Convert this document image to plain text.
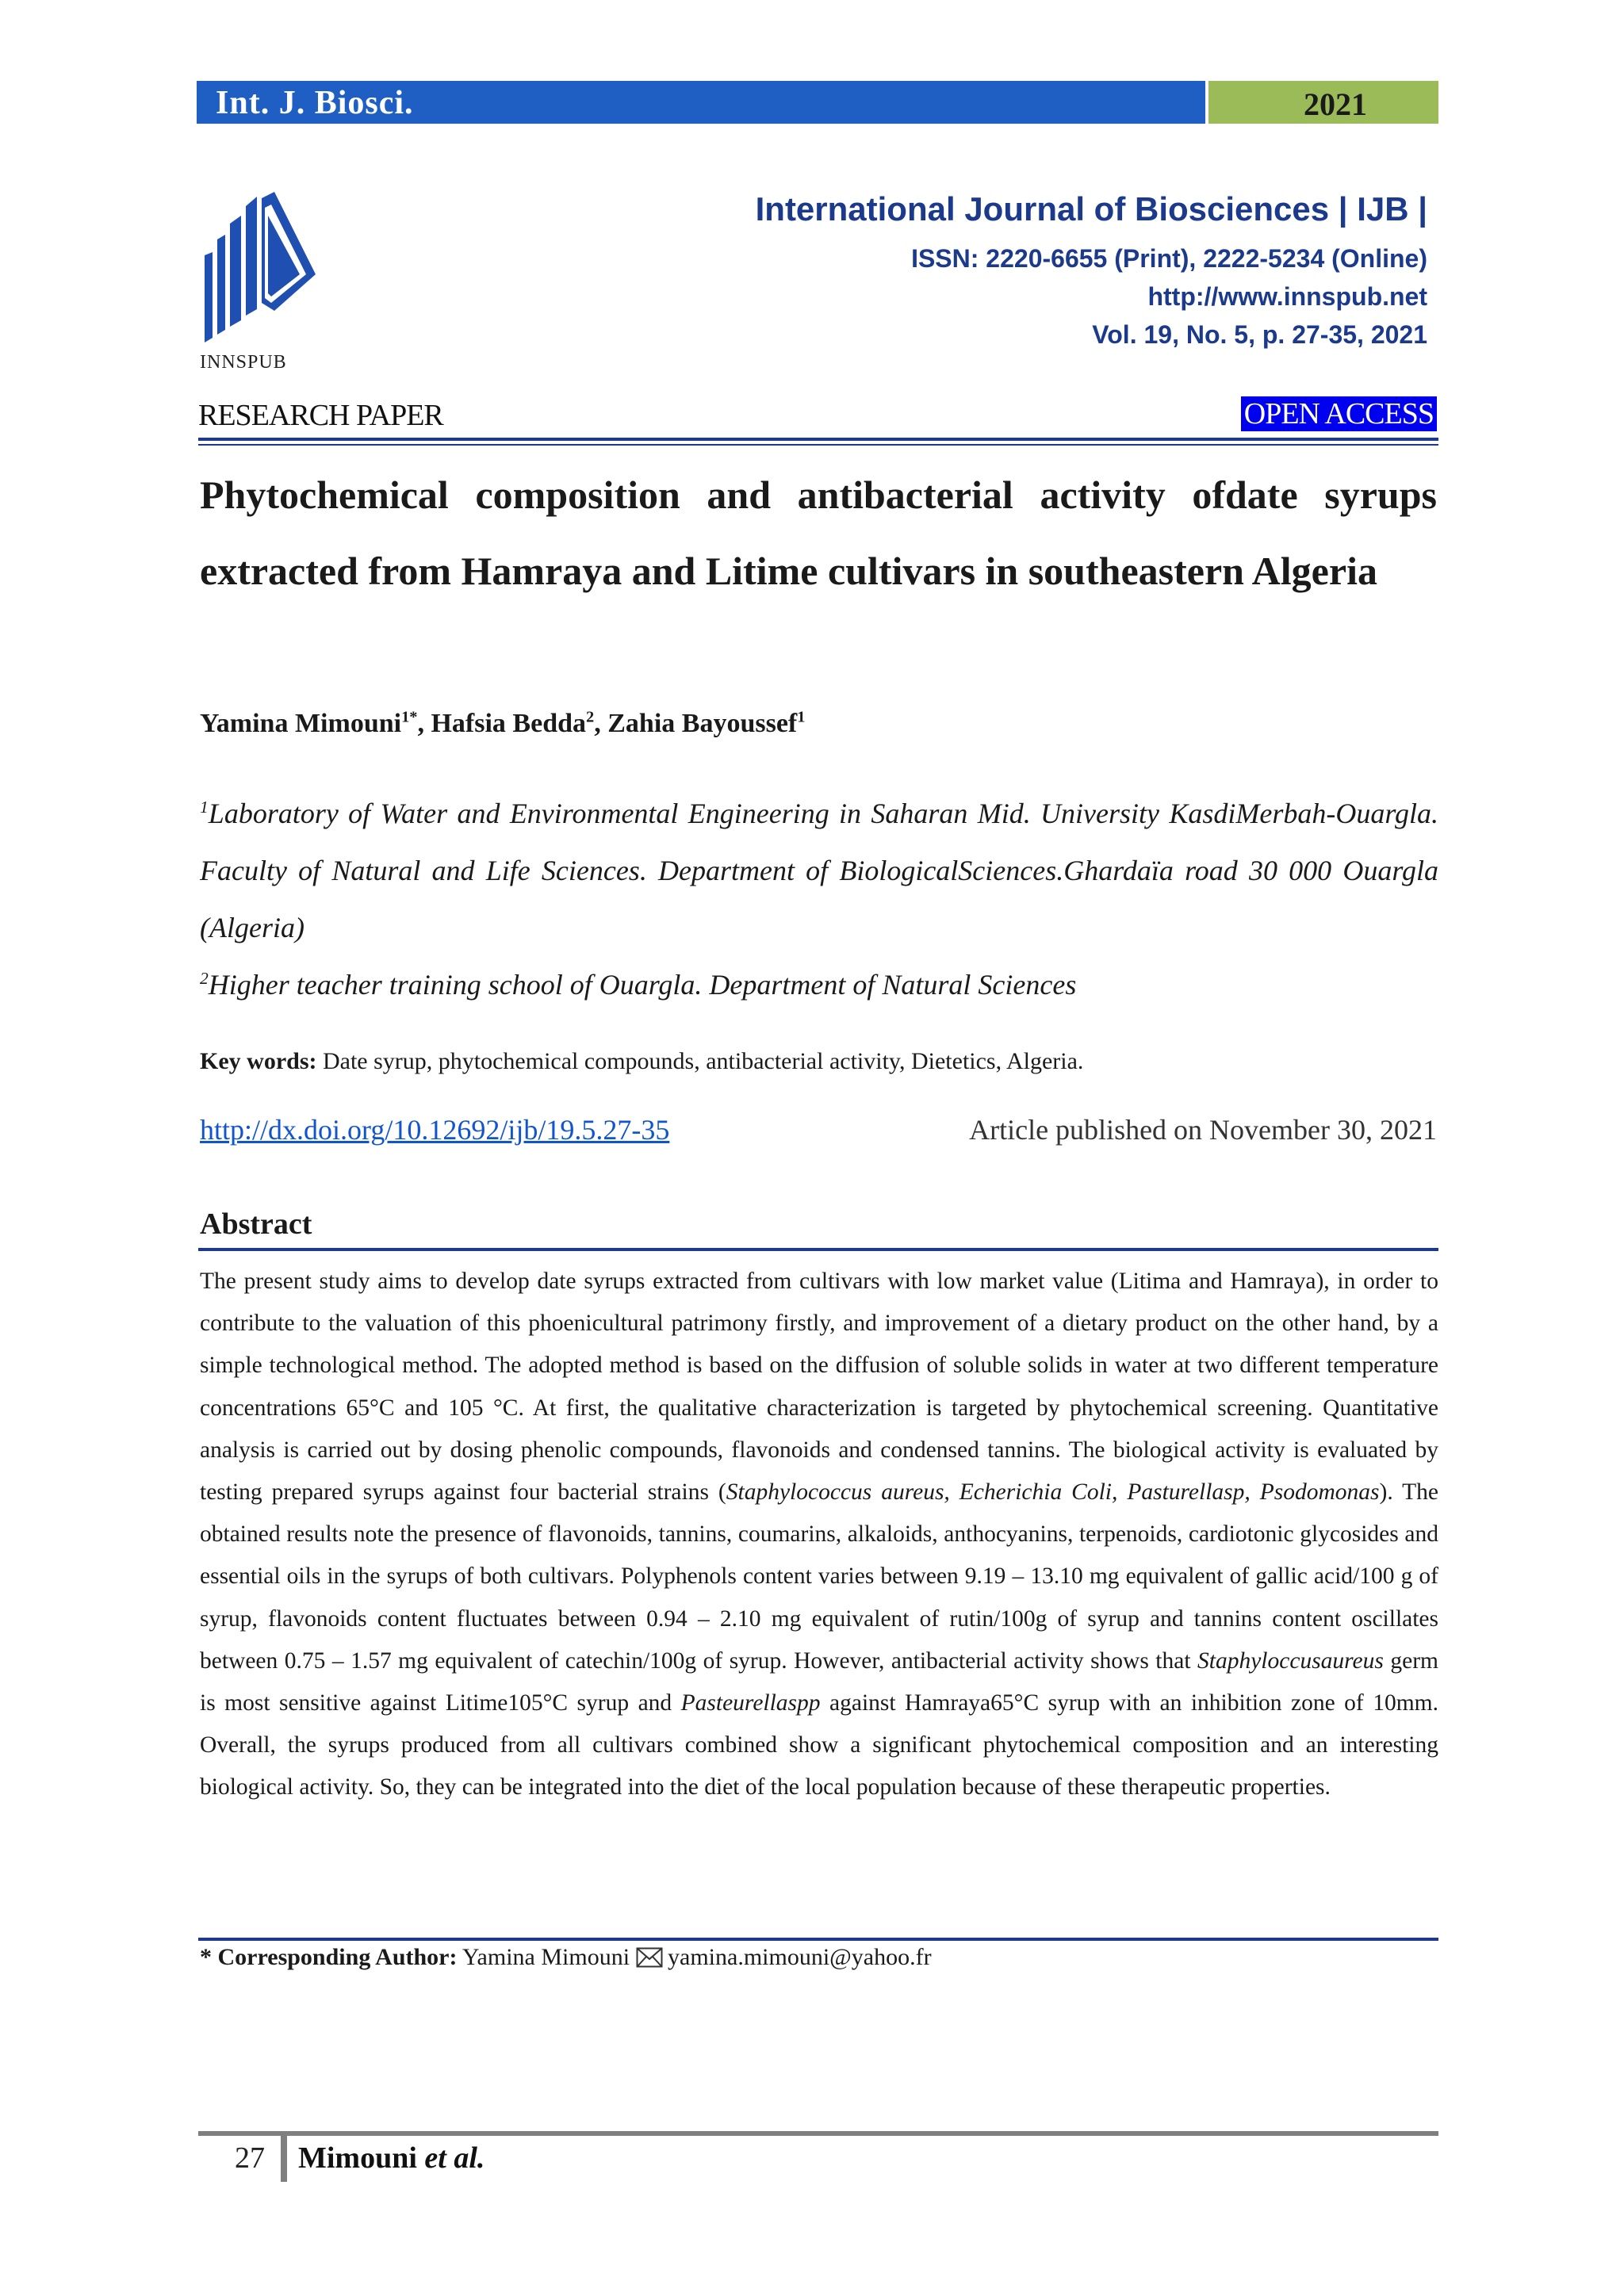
Int. J. Biosci.	2021
INNSPUB
International Journal of Biosciences | IJB |
ISSN: 2220-6655 (Print), 2222-5234 (Online)
http://www.innspub.net
Vol. 19, No. 5, p. 27-35, 2021
RESEARCH PAPER	OPEN ACCESS
Phytochemical composition and antibacterial activity ofdate syrups extracted from Hamraya and Litime cultivars in southeastern Algeria
Yamina Mimouni$^{1*}$, Hafsia Bedda$^2$, Zahia Bayoussef$^1$

$^1$Laboratory of Water and Environmental Engineering in Saharan Mid. University KasdiMerbah-Ouargla. Faculty of Natural and Life Sciences. Department of BiologicalSciences.Ghardaïa road 30 000 Ouargla (Algeria)

$^2$Higher teacher training school of Ouargla. Department of Natural Sciences

Key words: Date syrup, phytochemical compounds, antibacterial activity, Dietetics, Algeria.
http://dx.doi.org/10.12692/ijb/19.5.27-35	Article published on November 30, 2021
Abstract
The present study aims to develop date syrups extracted from cultivars with low market value (Litima and Hamraya), in order to contribute to the valuation of this phoenicultural patrimony firstly, and improvement of a dietary product on the other hand, by a simple technological method. The adopted method is based on the diffusion of soluble solids in water at two different temperature concentrations 65°C and 105 °C. At first, the qualitative characterization is targeted by phytochemical screening. Quantitative analysis is carried out by dosing phenolic compounds, flavonoids and condensed tannins. The biological activity is evaluated by testing prepared syrups against four bacterial strains (Staphylococcus aureus, Echerichia Coli, Pasturellasp, Psodomonas). The obtained results note the presence of flavonoids, tannins, coumarins, alkaloids, anthocyanins, terpenoids, cardiotonic glycosides and essential oils in the syrups of both cultivars. Polyphenols content varies between 9.19 – 13.10 mg equivalent of gallic acid/100 g of syrup, flavonoids content fluctuates between 0.94 – 2.10 mg equivalent of rutin/100g of syrup and tannins content oscillates between 0.75 – 1.57 mg equivalent of catechin/100g of syrup. However, antibacterial activity shows that Staphyloccusaureus germ is most sensitive against Litime105°C syrup and Pasteurellaspp against Hamraya65°C syrup with an inhibition zone of 10mm. Overall, the syrups produced from all cultivars combined show a significant phytochemical composition and an interesting biological activity. So, they can be integrated into the diet of the local population because of these therapeutic properties.
* Corresponding Author: Yamina Mimouni yamina.mimouni@yahoo.fr
27 Mimouni et al.
